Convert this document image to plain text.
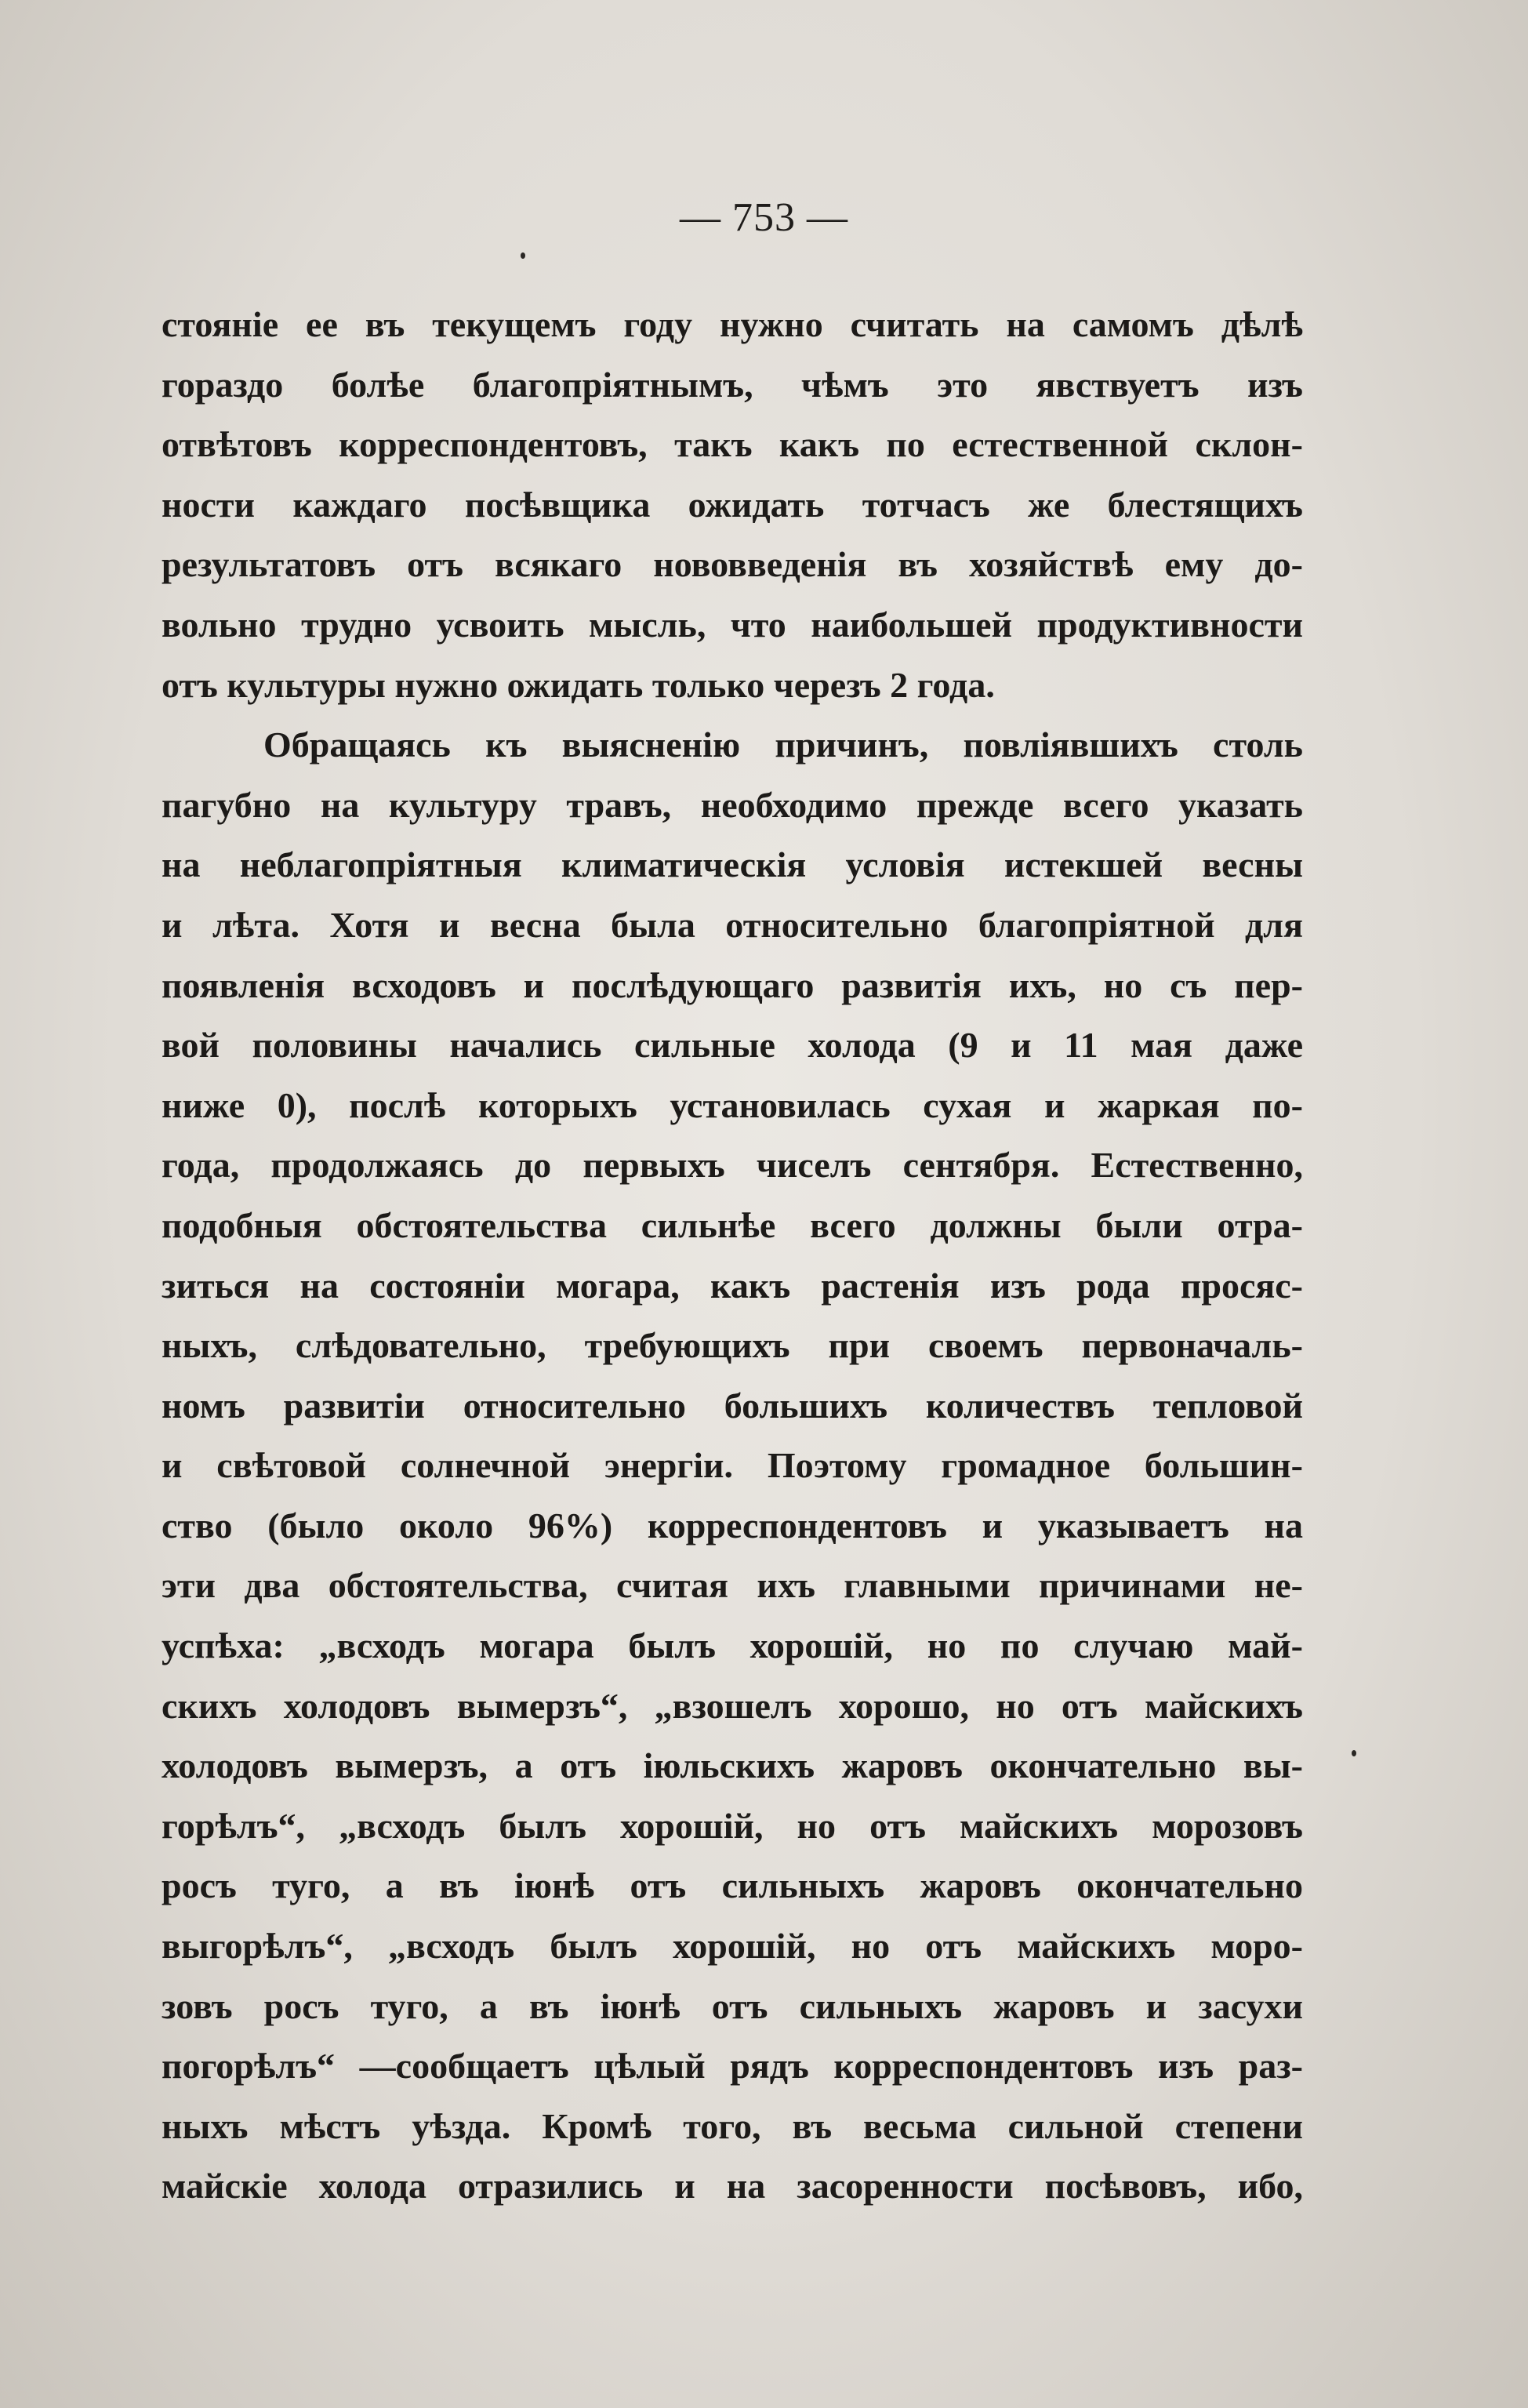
— 753 —
стоянiе ее въ текущемъ году нужно считать на самомъ дѣлѣ
гораздо болѣе благопрiятнымъ, чѣмъ это явствуетъ изъ
отвѣтовъ корреспондентовъ, такъ какъ по естественной склон-
ности каждаго посѣвщика ожидать тотчасъ же блестящихъ
результатовъ отъ всякаго нововведенiя въ хозяйствѣ ему до-
вольно трудно усвоить мысль, что наибольшей продуктивности
отъ культуры нужно ожидать только черезъ 2 года.
Обращаясь къ выясненiю причинъ, повлiявшихъ столь
пагубно на культуру травъ, необходимо прежде всего указать
на неблагопрiятныя климатическiя условiя истекшей весны
и лѣта. Хотя и весна была относительно благопрiятной для
появленiя всходовъ и послѣдующаго развитiя ихъ, но съ пер-
вой половины начались сильные холода (9 и 11 мая даже
ниже 0), послѣ которыхъ установилась сухая и жаркая по-
года, продолжаясь до первыхъ чиселъ сентября. Естественно,
подобныя обстоятельства сильнѣе всего должны были отра-
зиться на состоянiи могара, какъ растенiя изъ рода просяс-
ныхъ, слѣдовательно, требующихъ при своемъ первоначаль-
номъ развитiи относительно большихъ количествъ тепловой
и свѣтовой солнечной энергiи. Поэтому громадное большин-
ство (было около 96%) корреспондентовъ и указываетъ на
эти два обстоятельства, считая ихъ главными причинами не-
успѣха: „всходъ могара былъ хорошiй, но по случаю май-
скихъ холодовъ вымерзъ“, „взошелъ хорошо, но отъ майскихъ
холодовъ вымерзъ, а отъ iюльскихъ жаровъ окончательно вы-
горѣлъ“, „всходъ былъ хорошiй, но отъ майскихъ морозовъ
росъ туго, а въ iюнѣ отъ сильныхъ жаровъ окончательно
выгорѣлъ“, „всходъ былъ хорошiй, но отъ майскихъ моро-
зовъ росъ туго, а въ iюнѣ отъ сильныхъ жаровъ и засухи
погорѣлъ“ —сообщаетъ цѣлый рядъ корреспондентовъ изъ раз-
ныхъ мѣстъ уѣзда. Кромѣ того, въ весьма сильной степени
майскiе холода отразились и на засоренности посѣвовъ, ибо,
